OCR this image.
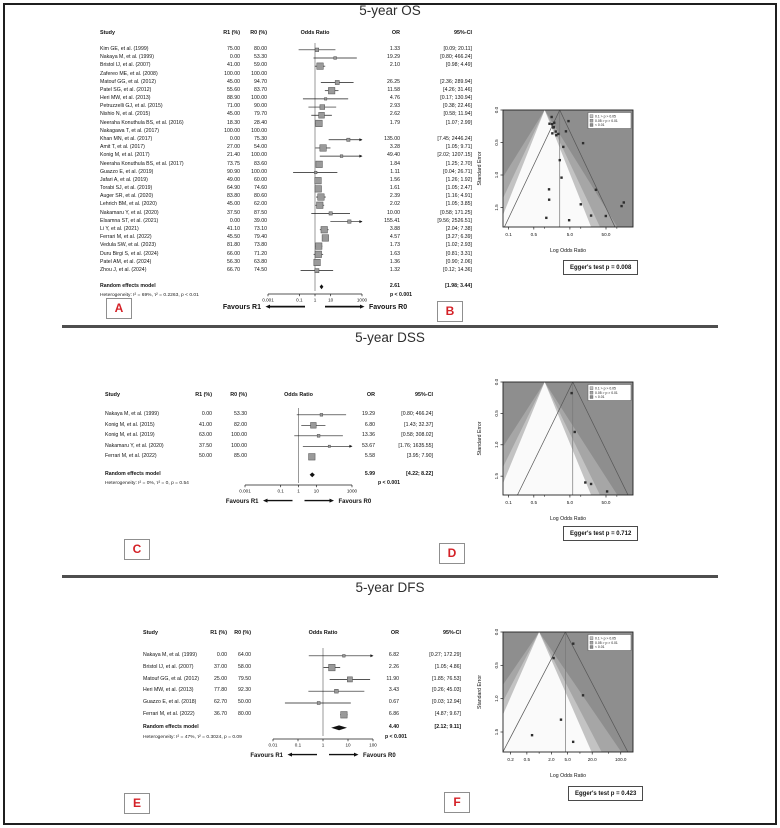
5-year OS
5-year DSS
5-year DFS
0.001	0.1 1	10	1000
Favours R1	Favours R0
Study	R1 (%)	R0 (%)	Odds Ratio	OR	95%-CI
Kim GE, et al. (1999)	75.00	80.00	1.33	[0.09; 20.11]
Nakaya M, et al. (1999)	0.00	53.30	19.29	[0.80; 466.24]
Bristol IJ, et al. (2007)	41.00	59.00	2.10	[0.98; 4.49]
Zafereo ME, et al. (2008)	100.00	100.00
Matouf GG, et al. (2012)	45.00	94.70	26.25	[2.36; 289.94]
Patel SG, et al. (2012)	55.60	83.70	11.58	[4.26; 31.46]
Heri MW, et al. (2013)	88.90	100.00	4.76	[0.17; 130.94]
Petruzzelli GJ, et al. (2015)	71.00	90.00	2.93	[0.38; 22.46]
Nishio N, et al. (2015)	45.00	79.70	2.62	[0.58; 11.94]
Neeraha Konuthula BS, et al. (2016)	18.30	28.40	1.79	[1.07; 2.99]
Nakagawa T, et al. (2017)	100.00	100.00
Khan MN, et al. (2017)	0.00	75.30	135.00	[7.45; 2446.24]
Amit T, et al. (2017)	27.00	54.00	3.28	[1.05; 9.71]
Konig M, et al. (2017)	21.40	100.00	49.40	[2.02; 1207.15]
Neeraha Konuthula BS, et al. (2017)	73.75	83.60	1.84	[1.25; 2.70]
Guazzo E, et al. (2019)	90.90	100.00	1.11	[0.04; 26.71]
Jafari A, et al. (2019)	49.00	60.00	1.56	[1.26; 1.92]
Torabi SJ, et al. (2019)	64.90	74.60	1.61	[1.05; 2.47]
Auger SR, et al. (2020)	83.80	80.60	2.39	[1.16; 4.91]
Lehrich BM, et al. (2020)	45.00	62.00	2.02	[1.05; 3.85]
Nakamaru Y, et al. (2020)	37.50	87.50	10.00	[0.58; 171.25]
Elsamna ST, et al. (2021)	0.00	39.00	155.41	[9.56; 2526.51]
Li Y, et al. (2021)	41.10	73.10	3.88	[2.04; 7.38]
Ferrari M, et al. (2022)	45.50	79.40	4.57	[3.27; 6.39]
Vedula SW, et al. (2023)	81.80	73.80	1.73	[1.02; 2.93]
Duru Birgi S, et al. (2024)	66.00	71.20	1.63	[0.81; 3.31]
Patel AM, et al. (2024)	56.30	63.80	1.36	[0.90; 2.06]
Zhou J, et al. (2024)	66.70	74.50	1.32	[0.12; 14.36]
Random effects model	2.61	[1.98; 3.44]
Heterogeneity: I² = 69%, τ² = 0.2263, p < 0.01	p < 0.001
0.001	0.1	1	10	1000
Favours R1	Favours R0
Study	R1 (%)	R0 (%)	Odds Ratio	OR	95%-CI
Nakaya M, et al. (1999)	0.00	53.30	19.29	[0.80; 466.24]
Konig M, et al. (2015)	41.00	82.00	6.80	[1.43; 32.37]
Konig M, et al. (2019)	63.00	100.00	13.36	[0.58; 308.02]
Nakamaru Y, et al. (2020)	37.50	100.00	53.67	[1.76; 1635.55]
Ferrari M, et al. (2022)	50.00	85.00	5.58	[3.95; 7.90]
Random effects model	5.99	[4.22; 8.22]
Heterogeneity: I² = 0%, τ² = 0, p = 0.54	p < 0.001
0.01	0.1	1	10	100
Favours R1	Favours R0
Study	R1 (%)	R0 (%)	Odds Ratio	OR	95%-CI
Nakaya M, et al. (1999)	0.00	64.00	6.82	[0.27; 172.29]
Bristol IJ, et al. (2007)	37.00	58.00	2.26	[1.05; 4.86]
Matouf GG, et al. (2012)	25.00	79.50	11.90	[1.85; 76.53]
Heri MW, et al. (2013)	77.80	92.30	3.43	[0.26; 45.03]
Guazzo E, et al. (2018)	62.70	50.00	0.67	[0.03; 12.94]
Ferrari M, et al. (2022)	36.70	80.00	6.86	[4.87; 9.67]
Random effects model	4.40	[2.12; 9.11]
Heterogeneity: I² = 47%, τ² = 0.3024, p = 0.09	p < 0.001
0.0
0.5
1.0
1.5
0.1	0.5	5.0	50.0
Log Odds Ratio
Standard Error
0.1 > p > 0.05
0.05 > p > 0.01
< 0.01
0.0
0.5
1.0
1.5
0.1	0.5	5.0	50.0
Log Odds Ratio
Standard Error
0.1 > p > 0.05
0.05 > p > 0.01
< 0.01
0.0
0.5
1.0
1.5
0.2 0.5	2.0 5.0	20.0	100.0
Log Odds Ratio
Standard Error
0.1 > p > 0.05
0.05 > p > 0.01
< 0.01
Egger's test p = 0.008
Egger's test p = 0.712
Egger's test p = 0.423
A	B
C	D
E	F
